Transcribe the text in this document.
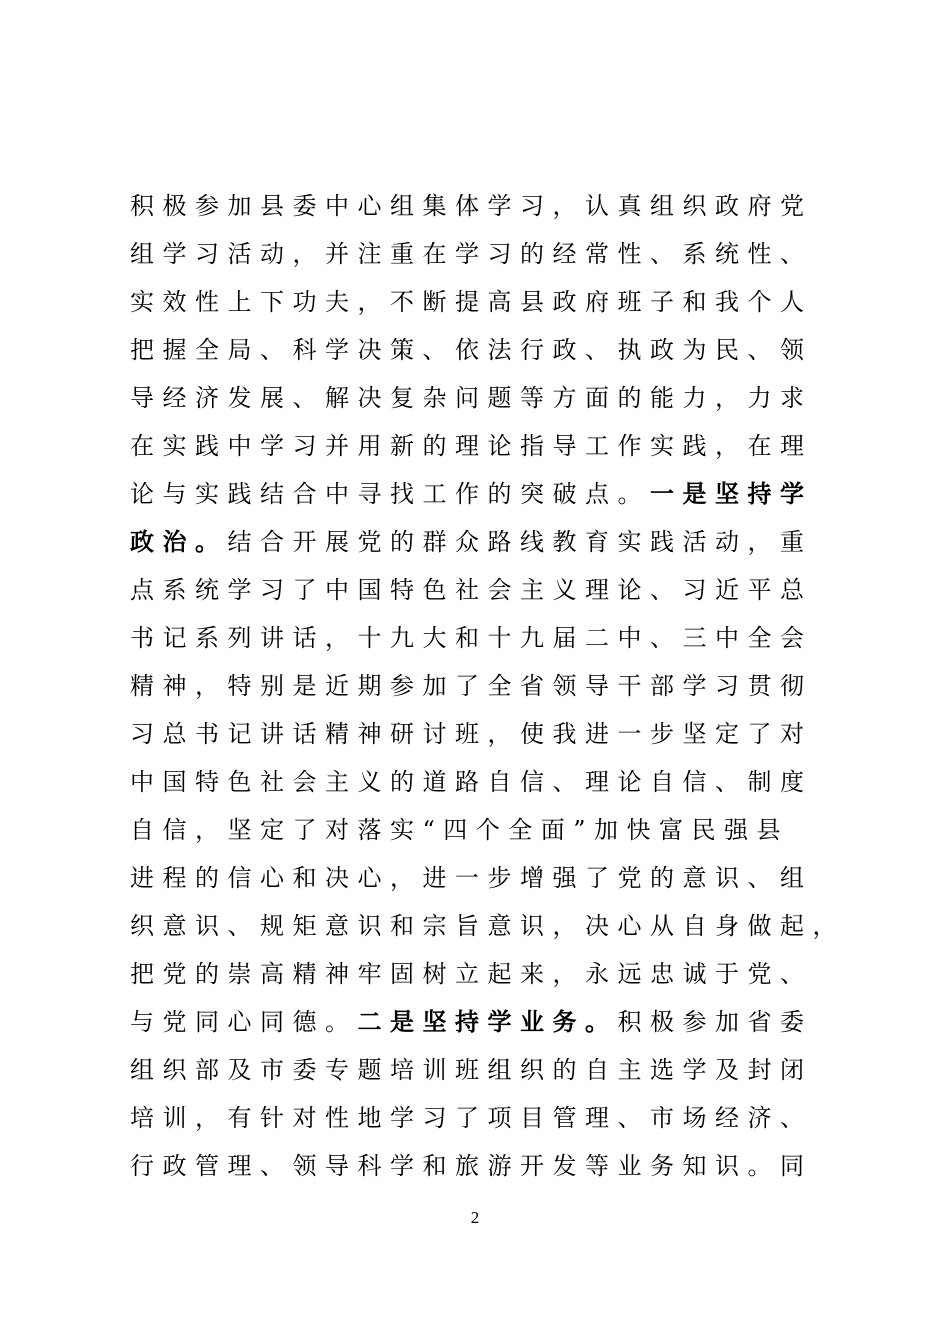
积极参加县委中心组集体学习，认真组织政府党
组学习活动，并注重在学习的经常性、系统性、
实效性上下功夫，不断提高县政府班子和我个人
把握全局、科学决策、依法行政、执政为民、领
导经济发展、解决复杂问题等方面的能力，力求
在实践中学习并用新的理论指导工作实践，在理
论与实践结合中寻找工作的突破点。一是坚持学
政治。结合开展党的群众路线教育实践活动，重
点系统学习了中国特色社会主义理论、习近平总
书记系列讲话，十九大和十九届二中、三中全会
精神，特别是近期参加了全省领导干部学习贯彻
习总书记讲话精神研讨班，使我进一步坚定了对
中国特色社会主义的道路自信、理论自信、制度
自信，坚定了对落实“四个全面”加快富民强县
进程的信心和决心，进一步增强了党的意识、组
织意识、规矩意识和宗旨意识，决心从自身做起，
把党的崇高精神牢固树立起来，永远忠诚于党、
与党同心同德。二是坚持学业务。积极参加省委
组织部及市委专题培训班组织的自主选学及封闭
培训，有针对性地学习了项目管理、市场经济、
行政管理、领导科学和旅游开发等业务知识。同
2
